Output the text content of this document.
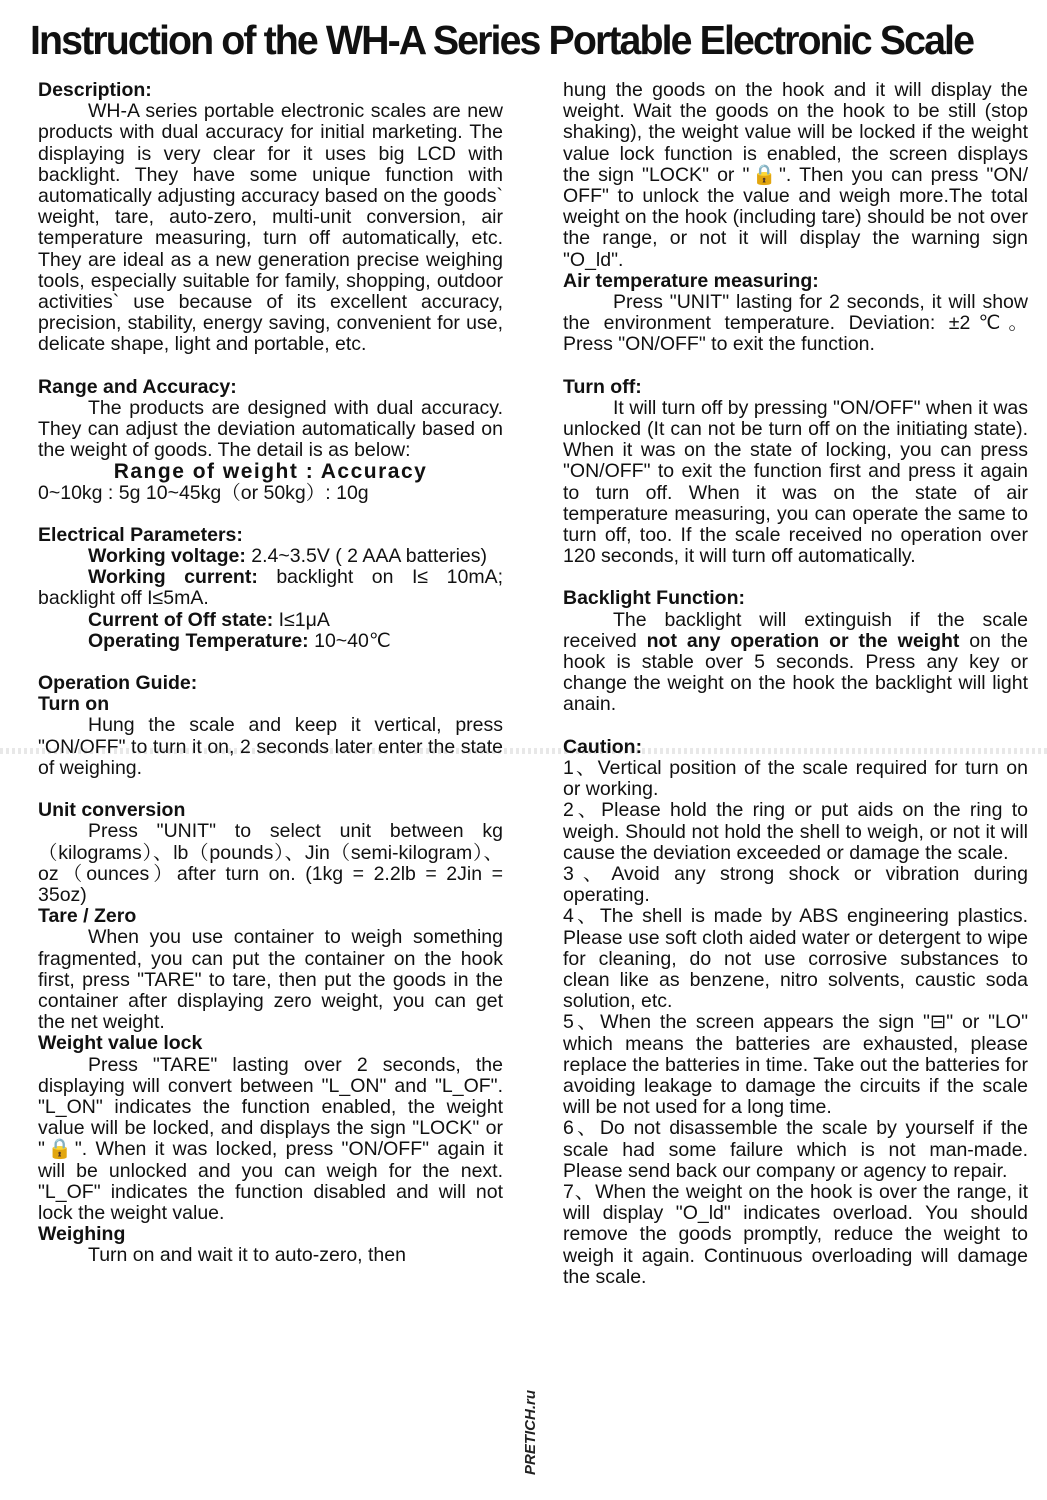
Instruction of the WH-A Series Portable Electronic Scale

Description:

WH-A series portable electronic scales are new products with dual accuracy for initial marketing. The displaying is very clear for it uses big LCD with backlight. They have some unique function with automatically adjusting accuracy based on the goods` weight, tare, auto-zero, multi-unit conversion, air temperature measuring, turn off automatically, etc. They are ideal as a new generation precise weighing tools, especially suitable for family, shopping, outdoor activities` use because of its excellent accuracy, precision, stability, energy saving, convenient for use, delicate shape, light and portable, etc.

Range and Accuracy:

The products are designed with dual accuracy. They can adjust the deviation automatically based on the weight of goods. The detail is as below:

Range of weight : Accuracy

0~10kg : 5g 10~45kg（or 50kg）: 10g

Electrical Parameters:

Working voltage: 2.4~3.5V ( 2 AAA batteries)

Working current: backlight on I≤ 10mA; backlight off I≤5mA.

Current of Off state: I≤1μA

Operating Temperature: 10~40℃

Operation Guide:

Turn on

Hung the scale and keep it vertical, press "ON/OFF" to turn it on, 2 seconds later enter the state of weighing.

Unit conversion

Press "UNIT" to select unit between kg（kilograms）、lb（pounds）、Jin（semi-kilogram）、oz（ounces）after turn on. (1kg = 2.2lb = 2Jin = 35oz)

Tare / Zero

When you use container to weigh something fragmented, you can put the container on the hook first, press "TARE" to tare, then put the goods in the container after displaying zero weight, you can get the net weight.

Weight value lock

Press "TARE" lasting over 2 seconds, the displaying will convert between "L_ON" and "L_OF". "L_ON" indicates the function enabled, the weight value will be locked, and displays the sign "LOCK" or "🔒". When it was locked, press "ON/OFF" again it will be unlocked and you can weigh for the next. "L_OF" indicates the function disabled and will not lock the weight value.

Weighing

Turn on and wait it to auto-zero, then

PRETICH.ru

hung the goods on the hook and it will display the weight. Wait the goods on the hook to be still (stop shaking), the weight value will be locked if the weight value lock function is enabled, the screen displays the sign "LOCK" or "🔒". Then you can press "ON/ OFF" to unlock the value and weigh more.The total weight on the hook (including tare) should be not over the range, or not it will display the warning sign "O_ld".

Air temperature measuring:

Press "UNIT" lasting for 2 seconds, it will show the environment temperature. Deviation: ±2℃。Press "ON/OFF" to exit the function.

Turn off:

It will turn off by pressing "ON/OFF" when it was unlocked (It can not be turn off on the initiating state). When it was on the state of locking, you can press "ON/OFF" to exit the function first and press it again to turn off. When it was on the state of air temperature measuring, you can operate the same to turn off, too. If the scale received no operation over 120 seconds, it will turn off automatically.

Backlight Function:

The backlight will extinguish if the scale received not any operation or the weight on the hook is stable over 5 seconds. Press any key or change the weight on the hook the backlight will light anain.

Caution:

1、Vertical position of the scale required for turn on or working.

2、Please hold the ring or put aids on the ring to weigh. Should not hold the shell to weigh, or not it will cause the deviation exceeded or damage the scale.

3、Avoid any strong shock or vibration during operating.

4、The shell is made by ABS engineering plastics. Please use soft cloth aided water or detergent to wipe for cleaning, do not use corrosive substances to clean like as benzene, nitro solvents, caustic soda solution, etc.

5、When the screen appears the sign "⊟" or "LO" which means the batteries are exhausted, please replace the batteries in time. Take out the batteries for avoiding leakage to damage the circuits if the scale will be not used for a long time.

6、Do not disassemble the scale by yourself if the scale had some failure which is not man-made. Please send back our company or agency to repair.

7、When the weight on the hook is over the range, it will display "O_ld" indicates overload. You should remove the goods promptly, reduce the weight to weigh it again. Continuous overloading will damage the scale.
